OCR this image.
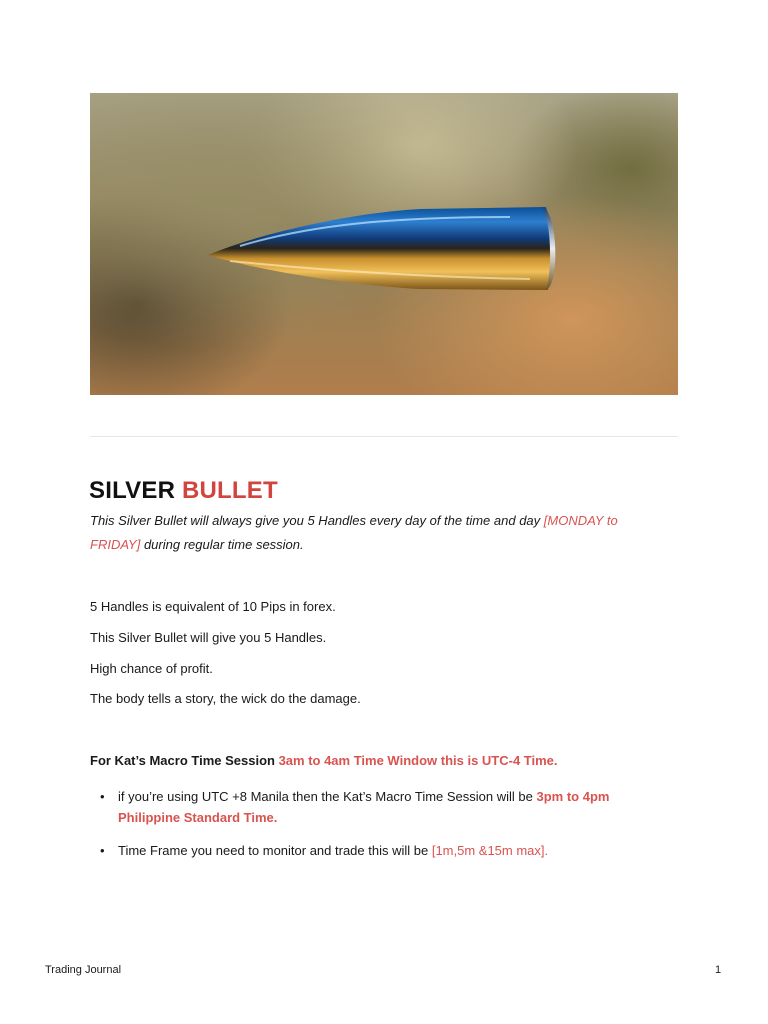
SILVER BULLET

This Silver Bullet will always give you 5 Handles every day of the time and day [MONDAY to FRIDAY] during regular time session.

5 Handles is equivalent of 10 Pips in forex.

This Silver Bullet will give you 5 Handles.

High chance of profit.

The body tells a story, the wick do the damage.

For Kat’s Macro Time Session 3am to 4am Time Window this is UTC-4 Time.

• if you’re using UTC +8 Manila then the Kat’s Macro Time Session will be 3pm to 4pm Philippine Standard Time.
• Time Frame you need to monitor and trade this will be [1m,5m &15m max].
Trading Journal	1
